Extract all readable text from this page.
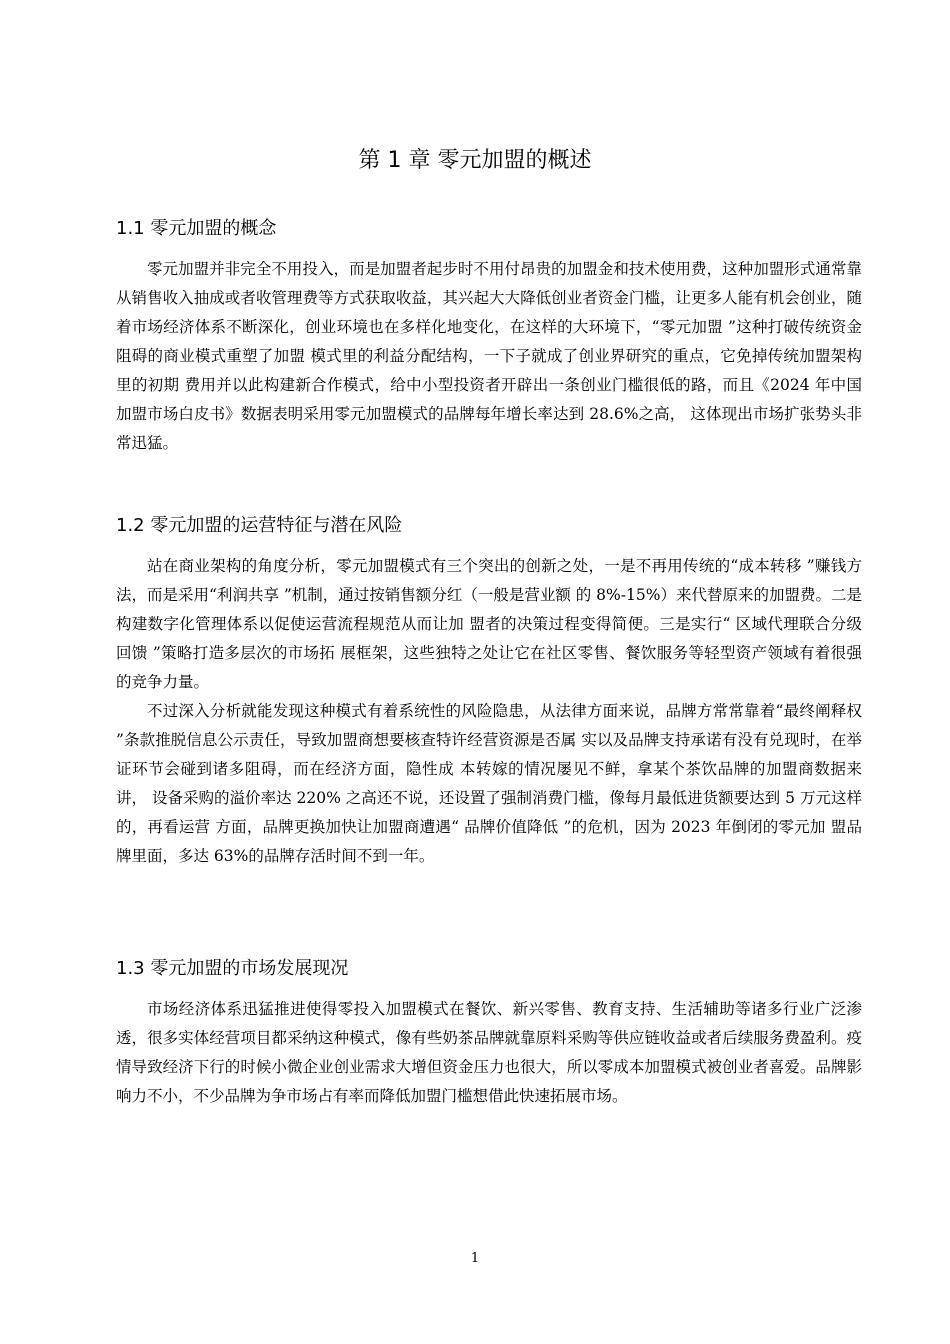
第 1 章 零元加盟的概述
1.1 零元加盟的概念

零元加盟并非完全不用投入，而是加盟者起步时不用付昂贵的加盟金和技术使用费，这种加盟形式通常靠从销售收入抽成或者收管理费等方式获取收益，其兴起大大降低创业者资金门槛，让更多人能有机会创业，随着市场经济体系不断深化，创业环境也在多样化地变化，在这样的大环境下，“零元加盟 ”这种打破传统资金阻碍的商业模式重塑了加盟 模式里的利益分配结构，一下子就成了创业界研究的重点，它免掉传统加盟架构里的初期 费用并以此构建新合作模式，给中小型投资者开辟出一条创业门槛很低的路，而且《2024 年中国加盟市场白皮书》数据表明采用零元加盟模式的品牌每年增长率达到 28.6%之高， 这体现出市场扩张势头非常迅猛。

1.2 零元加盟的运营特征与潜在风险

站在商业架构的角度分析，零元加盟模式有三个突出的创新之处，一是不再用传统的“成本转移 ”赚钱方法，而是采用“利润共享 ”机制，通过按销售额分红（一般是营业额 的 8%-15%）来代替原来的加盟费。二是构建数字化管理体系以促使运营流程规范从而让加 盟者的决策过程变得简便。三是实行“ 区域代理联合分级回馈 ”策略打造多层次的市场拓 展框架，这些独特之处让它在社区零售、餐饮服务等轻型资产领域有着很强的竞争力量。

不过深入分析就能发现这种模式有着系统性的风险隐患，从法律方面来说，品牌方常常靠着“最终阐释权 ”条款推脱信息公示责任，导致加盟商想要核查特许经营资源是否属 实以及品牌支持承诺有没有兑现时，在举证环节会碰到诸多阻碍，而在经济方面，隐性成 本转嫁的情况屡见不鲜，拿某个茶饮品牌的加盟商数据来讲， 设备采购的溢价率达 220% 之高还不说，还设置了强制消费门槛，像每月最低进货额要达到 5 万元这样的，再看运营 方面，品牌更换加快让加盟商遭遇“ 品牌价值降低 ”的危机，因为 2023 年倒闭的零元加 盟品牌里面，多达 63%的品牌存活时间不到一年。

1.3 零元加盟的市场发展现况

市场经济体系迅猛推进使得零投入加盟模式在餐饮、新兴零售、教育支持、生活辅助等诸多行业广泛渗透，很多实体经营项目都采纳这种模式，像有些奶茶品牌就靠原料采购等供应链收益或者后续服务费盈利。疫情导致经济下行的时候小微企业创业需求大增但资金压力也很大，所以零成本加盟模式被创业者喜爱。品牌影响力不小，不少品牌为争市场占有率而降低加盟门槛想借此快速拓展市场。

1
